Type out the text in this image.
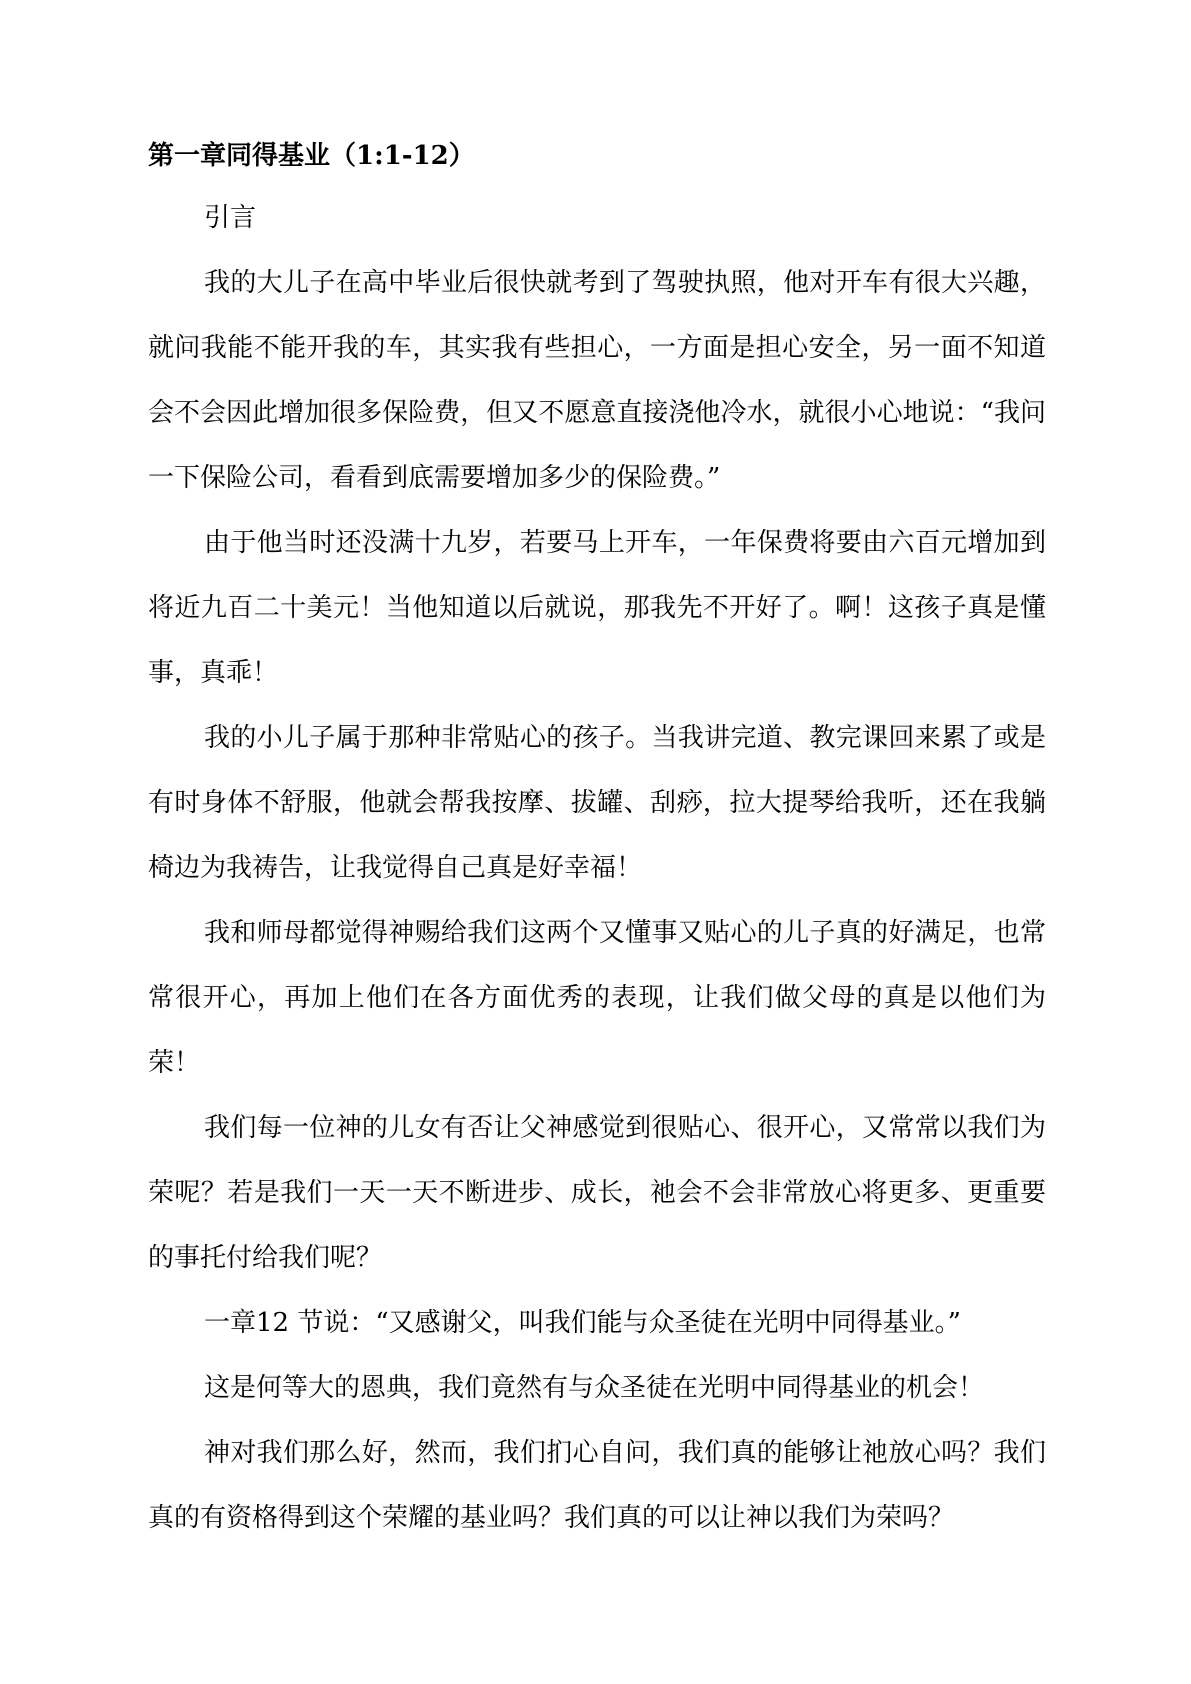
第一章同得基业（1:1-12）

引言

我的大儿子在高中毕业后很快就考到了驾驶执照，他对开车有很大兴趣，就问我能不能开我的车，其实我有些担心，一方面是担心安全，另一面不知道会不会因此增加很多保险费，但又不愿意直接浇他冷水，就很小心地说：“我问一下保险公司，看看到底需要增加多少的保险费。”

由于他当时还没满十九岁，若要马上开车，一年保费将要由六百元增加到将近九百二十美元！当他知道以后就说，那我先不开好了。啊！这孩子真是懂事，真乖！

我的小儿子属于那种非常贴心的孩子。当我讲完道、教完课回来累了或是有时身体不舒服，他就会帮我按摩、拔罐、刮痧，拉大提琴给我听，还在我躺椅边为我祷告，让我觉得自己真是好幸福！

我和师母都觉得神赐给我们这两个又懂事又贴心的儿子真的好满足，也常常很开心，再加上他们在各方面优秀的表现，让我们做父母的真是以他们为荣！

我们每一位神的儿女有否让父神感觉到很贴心、很开心，又常常以我们为荣呢？若是我们一天一天不断进步、成长，祂会不会非常放心将更多、更重要的事托付给我们呢？

一章12 节说：“又感谢父，叫我们能与众圣徒在光明中同得基业。”

这是何等大的恩典，我们竟然有与众圣徒在光明中同得基业的机会！

神对我们那么好，然而，我们扪心自问，我们真的能够让祂放心吗？我们真的有资格得到这个荣耀的基业吗？我们真的可以让神以我们为荣吗？
